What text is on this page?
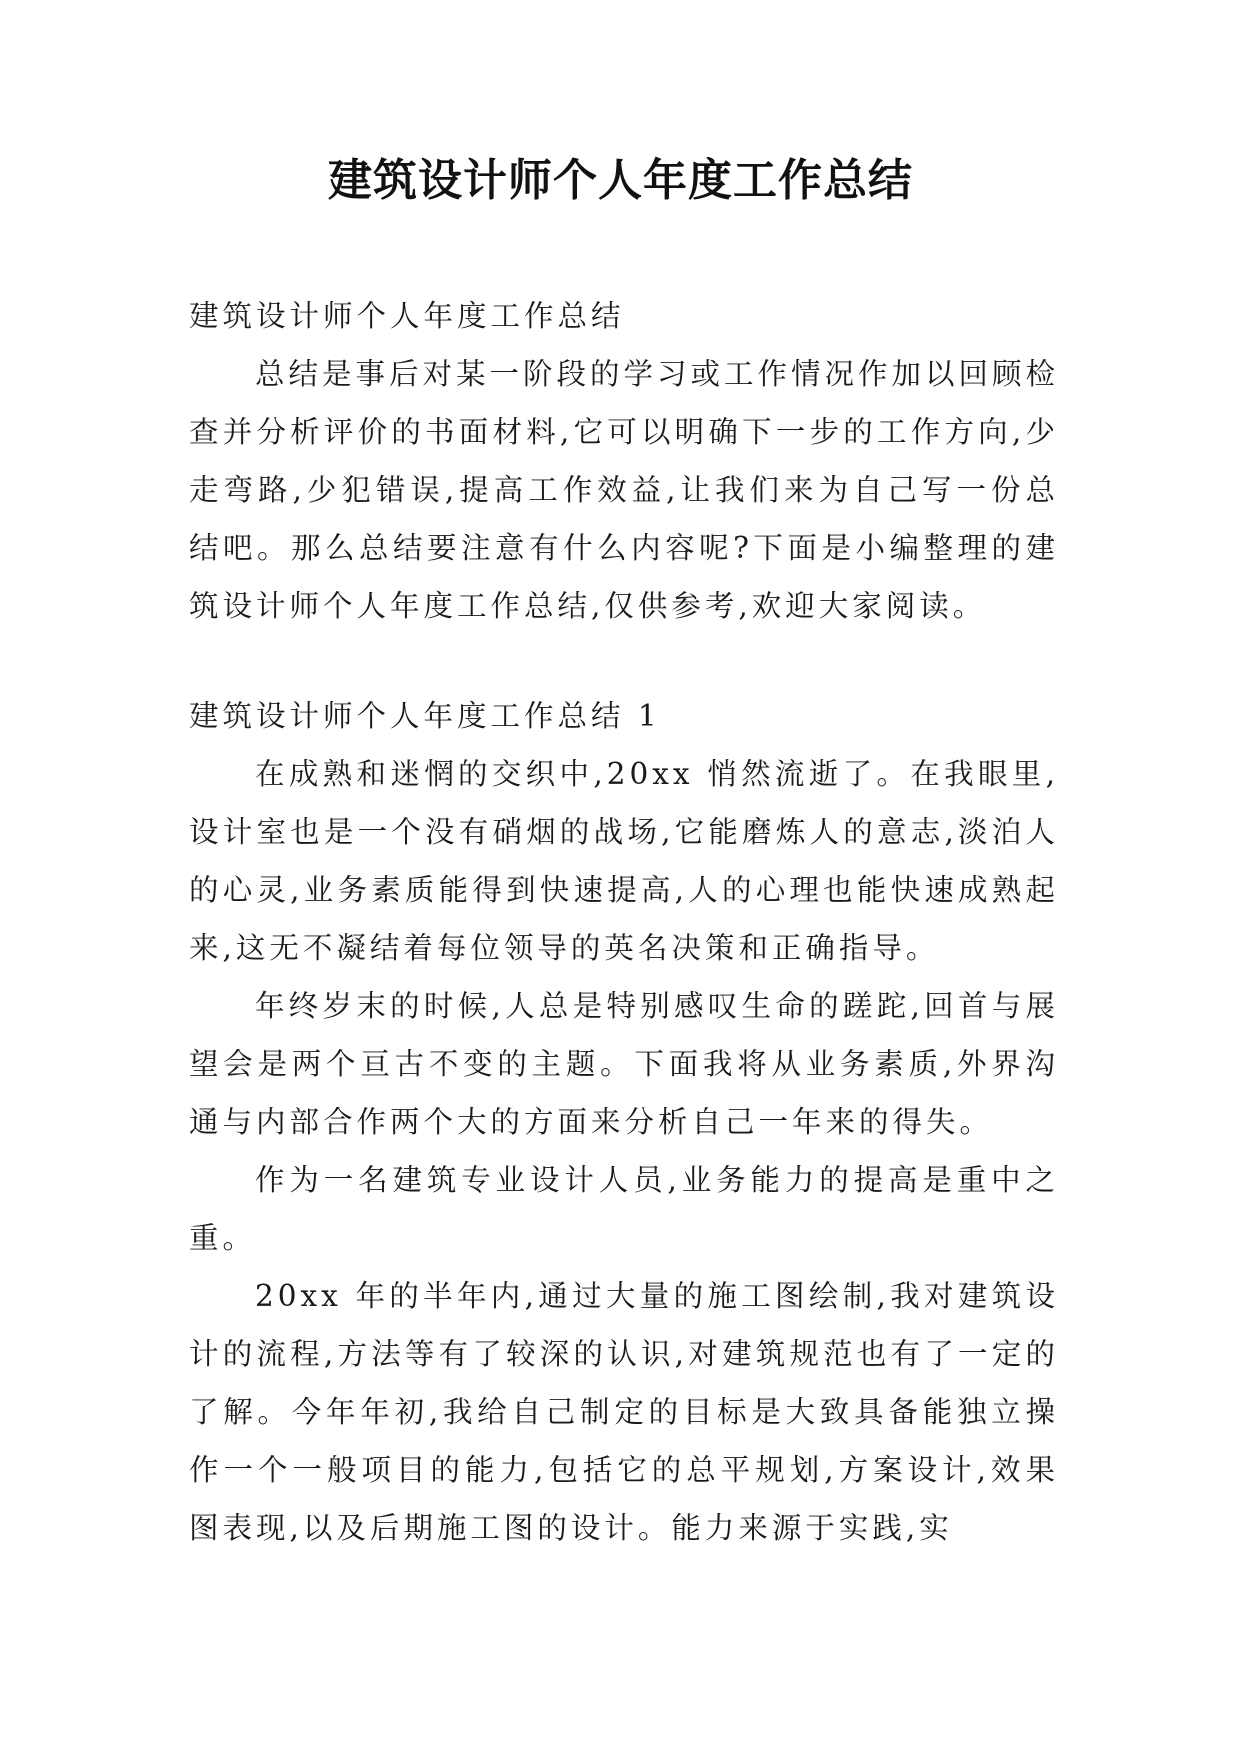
建筑设计师个人年度工作总结

建筑设计师个人年度工作总结

总结是事后对某一阶段的学习或工作情况作加以回顾检查并分析评价的书面材料,它可以明确下一步的工作方向,少走弯路,少犯错误,提高工作效益,让我们来为自己写一份总结吧。那么总结要注意有什么内容呢?下面是小编整理的建筑设计师个人年度工作总结,仅供参考,欢迎大家阅读。

建筑设计师个人年度工作总结 1

在成熟和迷惘的交织中,20xx 悄然流逝了。在我眼里,设计室也是一个没有硝烟的战场,它能磨炼人的意志,淡泊人的心灵,业务素质能得到快速提高,人的心理也能快速成熟起来,这无不凝结着每位领导的英名决策和正确指导。

年终岁末的时候,人总是特别感叹生命的蹉跎,回首与展望会是两个亘古不变的主题。下面我将从业务素质,外界沟通与内部合作两个大的方面来分析自己一年来的得失。

作为一名建筑专业设计人员,业务能力的提高是重中之重。

20xx 年的半年内,通过大量的施工图绘制,我对建筑设计的流程,方法等有了较深的认识,对建筑规范也有了一定的了解。今年年初,我给自己制定的目标是大致具备能独立操作一个一般项目的能力,包括它的总平规划,方案设计,效果图表现,以及后期施工图的设计。能力来源于实践,实
